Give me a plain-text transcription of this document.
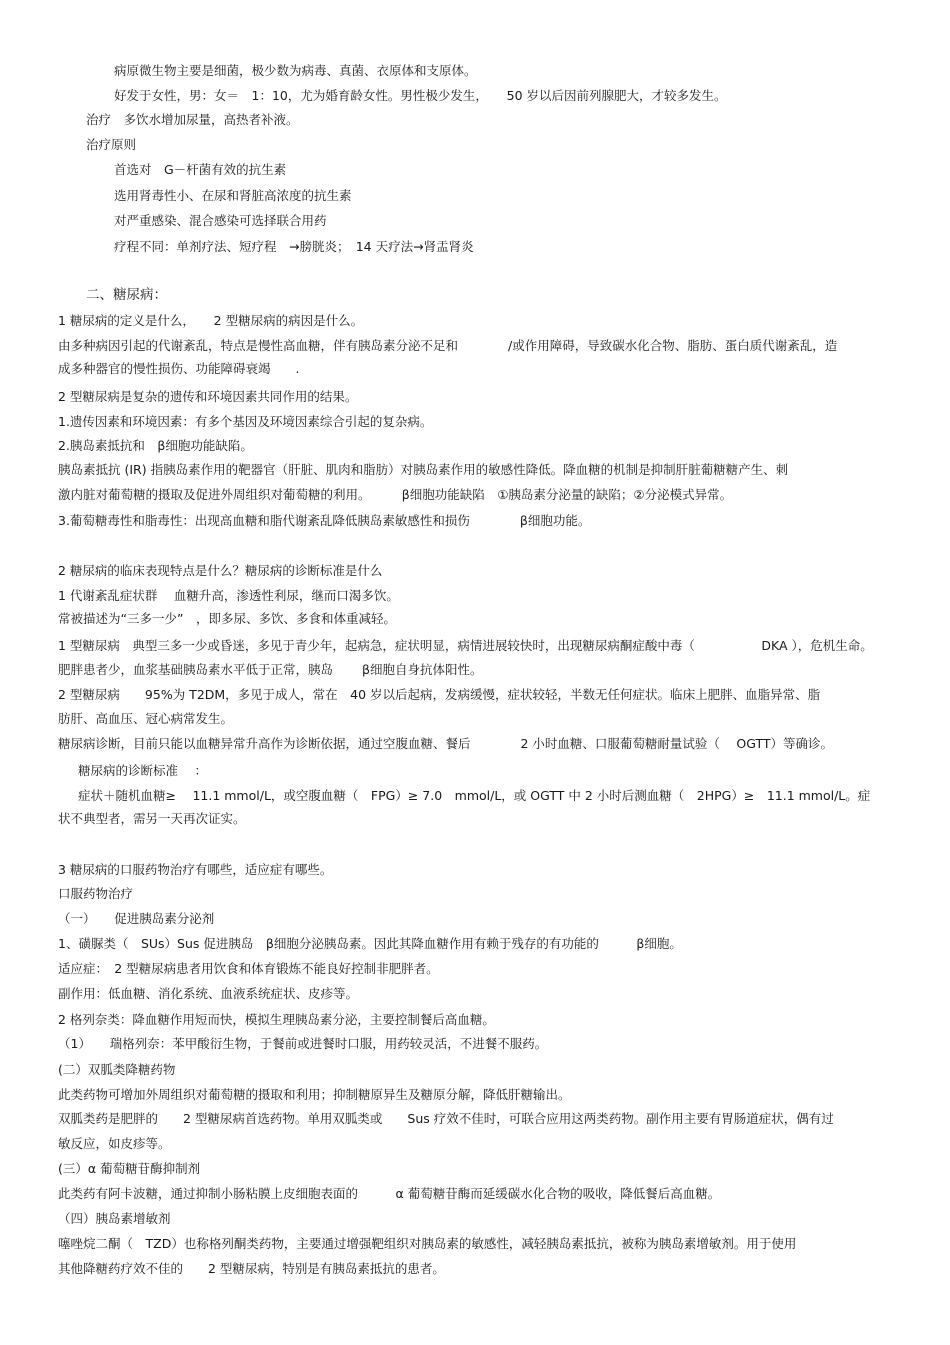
病原微生物主要是细菌，极少数为病毒、真菌、衣原体和支原体。
好发于女性，男：女＝　1：10，尤为婚育龄女性。男性极少发生，　　50 岁以后因前列腺肥大，才较多发生。
治疗　多饮水增加尿量，高热者补液。
治疗原则
首选对　G－杆菌有效的抗生素
选用肾毒性小、在尿和肾脏高浓度的抗生素
对严重感染、混合感染可选择联合用药
疗程不同：单剂疗法、短疗程　→膀胱炎；　14 天疗法→肾盂肾炎
二、糖尿病：
1 糖尿病的定义是什么，　　2 型糖尿病的病因是什么。
由多种病因引起的代谢紊乱，特点是慢性高血糖，伴有胰岛素分泌不足和　　　　/或作用障碍，导致碳水化合物、脂肪、蛋白质代谢紊乱，造
成多种器官的慢性损伤、功能障碍衰竭　　.
2 型糖尿病是复杂的遗传和环境因素共同作用的结果。
1.遗传因素和环境因素：有多个基因及环境因素综合引起的复杂病。
2.胰岛素抵抗和　β细胞功能缺陷。
胰岛素抵抗 (IR) 指胰岛素作用的靶器官（肝脏、肌肉和脂肪）对胰岛素作用的敏感性降低。降血糖的机制是抑制肝脏葡糖糖产生、刺
激内脏对葡萄糖的摄取及促进外周组织对葡萄糖的利用。　　　β细胞功能缺陷　①胰岛素分泌量的缺陷；②分泌模式异常。
3.葡萄糖毒性和脂毒性：出现高血糖和脂代谢紊乱降低胰岛素敏感性和损伤　　　　β细胞功能。
2 糖尿病的临床表现特点是什么？糖尿病的诊断标准是什么
1 代谢紊乱症状群　 血糖升高，渗透性利尿，继而口渴多饮。
常被描述为“三多一少”　，即多尿、多饮、多食和体重减轻。
1 型糖尿病　典型三多一少或昏迷，多见于青少年，起病急，症状明显，病情进展较快时，出现糖尿病酮症酸中毒（　　　　　 DKA ），危机生命。
肥胖患者少，血浆基础胰岛素水平低于正常，胰岛　　 β细胞自身抗体阳性。
2 型糖尿病　　95%为 T2DM，多见于成人，常在　40 岁以后起病，发病缓慢，症状较轻，半数无任何症状。临床上肥胖、血脂异常、脂
肪肝、高血压、冠心病常发生。
糖尿病诊断，目前只能以血糖异常升高作为诊断依据，通过空腹血糖、餐后　　　　2 小时血糖、口服葡萄糖耐量试验（　 OGTT）等确诊。
糖尿病的诊断标准　 ：
症状＋随机血糖≥　 11.1 mmol/L，或空腹血糖（　FPG）≥ 7.0　mmol/L，或 OGTT 中 2 小时后测血糖（　2HPG）≥　11.1 mmol/L。症
状不典型者，需另一天再次证实。
3 糖尿病的口服药物治疗有哪些，适应症有哪些。
口服药物治疗
（一）　　促进胰岛素分泌剂
1、磺脲类（　SUs）Sus 促进胰岛　β细胞分泌胰岛素。因此其降血糖作用有赖于残存的有功能的　　　β细胞。
适应症：　2 型糖尿病患者用饮食和体育锻炼不能良好控制非肥胖者。
副作用：低血糖、消化系统、血液系统症状、皮疹等。
2 格列奈类：降血糖作用短而快，模拟生理胰岛素分泌，主要控制餐后高血糖。
（1）　　瑞格列奈：苯甲酸衍生物，于餐前或进餐时口服，用药较灵活，不进餐不服药。
(二）双胍类降糖药物
此类药物可增加外周组织对葡萄糖的摄取和利用；抑制糖原异生及糖原分解，降低肝糖输出。
双胍类药是肥胖的　　2 型糖尿病首选药物。单用双胍类或　　Sus 疗效不佳时，可联合应用这两类药物。副作用主要有胃肠道症状，偶有过
敏反应，如皮疹等。
(三）α 葡萄糖苷酶抑制剂
此类药有阿卡波糖，通过抑制小肠粘膜上皮细胞表面的　　　α 葡萄糖苷酶而延缓碳水化合物的吸收，降低餐后高血糖。
（四）胰岛素增敏剂
噻唑烷二酮（　TZD）也称格列酮类药物，主要通过增强靶组织对胰岛素的敏感性，减轻胰岛素抵抗，被称为胰岛素增敏剂。用于使用
其他降糖药疗效不佳的　　2 型糖尿病，特别是有胰岛素抵抗的患者。
